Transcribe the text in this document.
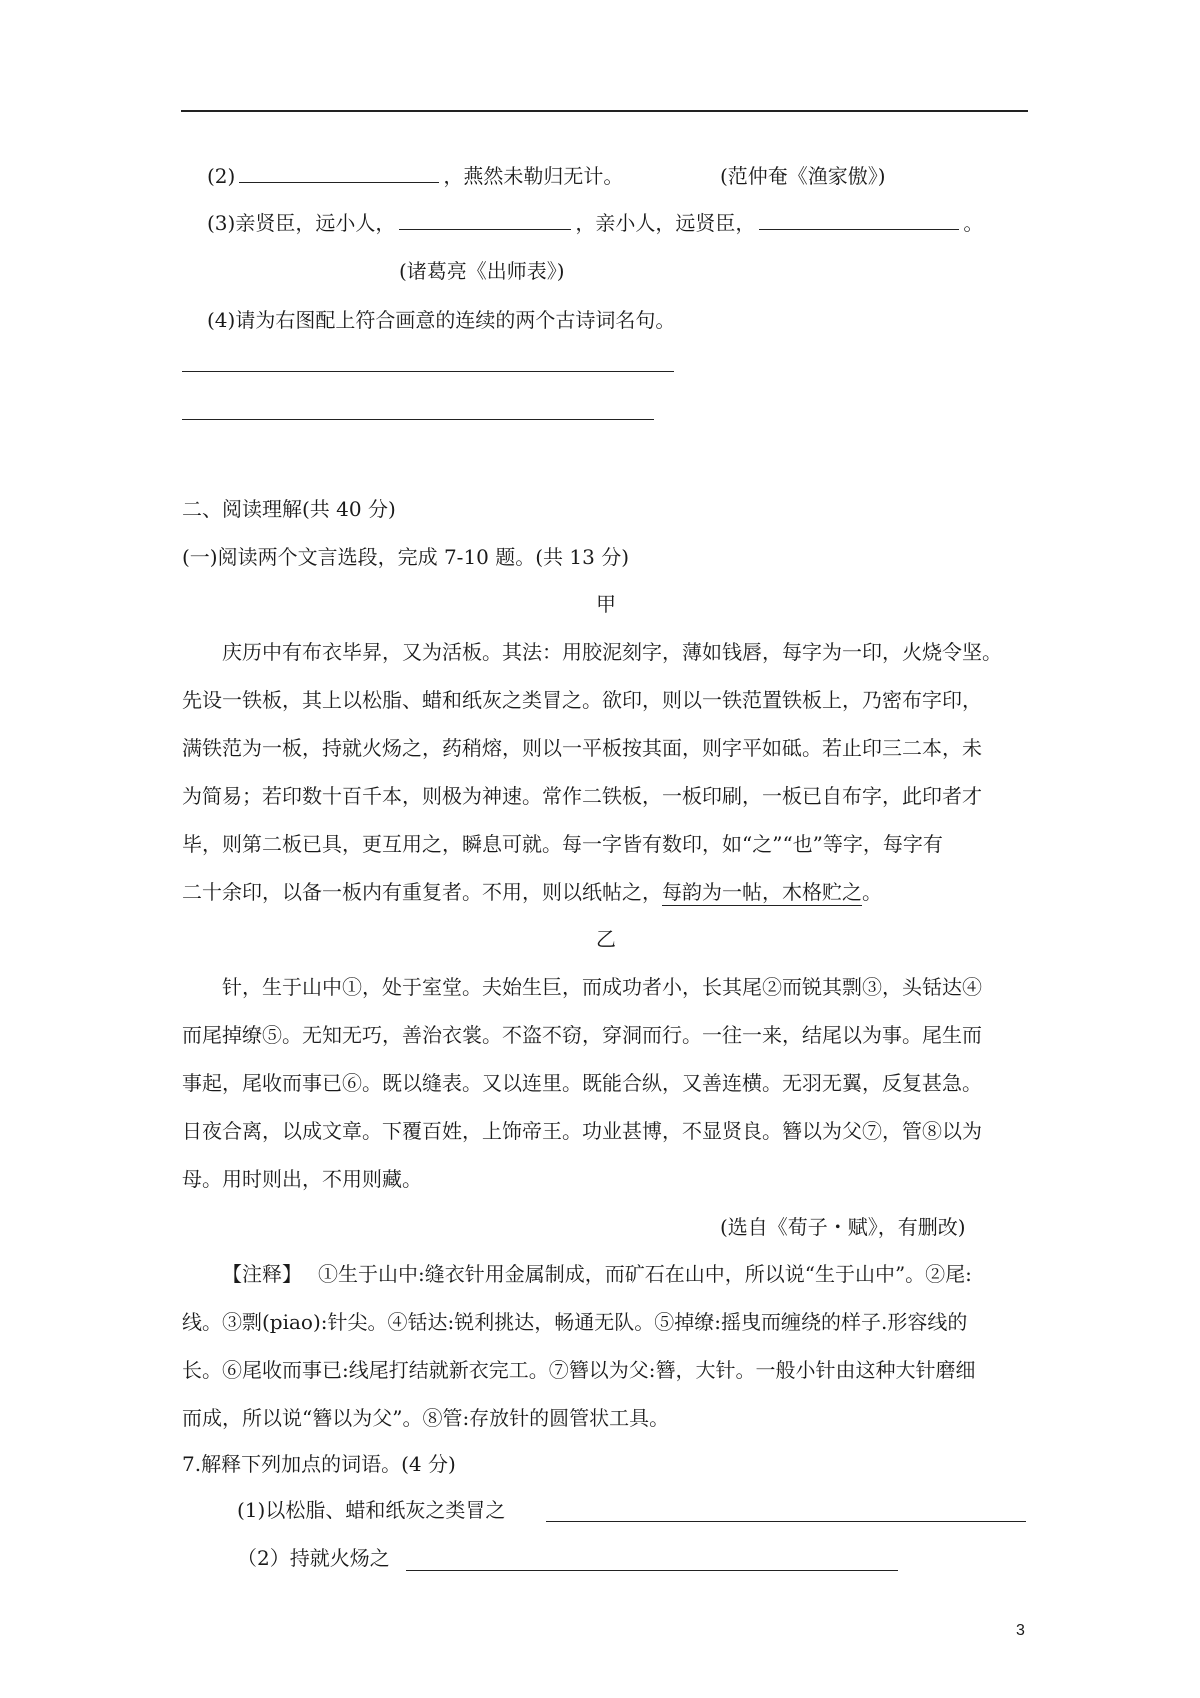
(2)	，燕然未勒归无计。	(范仲奄《渔家傲》)
(3)亲贤臣，远小人，	，亲小人，远贤臣，	。
(诸葛亮《出师表》)
(4)请为右图配上符合画意的连续的两个古诗词名句。
二、阅读理解(共 40 分)
(一)阅读两个文言选段，完成 7-10 题。(共 13 分)
甲
庆历中有布衣毕昇，又为活板。其法：用胶泥刻字，薄如钱唇，每字为一印，火烧令坚。
先设一铁板，其上以松脂、蜡和纸灰之类冒之。欲印，则以一铁范置铁板上，乃密布字印，
满铁范为一板，持就火炀之，药稍熔，则以一平板按其面，则字平如砥。若止印三二本，未
为简易；若印数十百千本，则极为神速。常作二铁板，一板印刷，一板已自布字，此印者才
毕，则第二板已具，更互用之，瞬息可就。每一字皆有数印，如“之”“也”等字，每字有
二十余印，以备一板内有重复者。不用，则以纸帖之，每韵为一帖，木格贮之。
乙
针，生于山中①，处于室堂。夫始生巨，而成功者小，长其尾②而锐其剽③，头铦达④
而尾掉缭⑤。无知无巧，善治衣裳。不盗不窃，穿洞而行。一往一来，结尾以为事。尾生而
事起，尾收而事已⑥。既以缝表。又以连里。既能合纵，又善连横。无羽无翼，反复甚急。
日夜合离，以成文章。下覆百姓，上饰帝王。功业甚博，不显贤良。簪以为父⑦，管⑧以为
母。用时则出，不用则藏。
(选自《荀子・赋》，有删改)
【注释】 ①生于山中:缝衣针用金属制成，而矿石在山中，所以说“生于山中”。②尾:
线。③剽(piao):针尖。④铦达:锐利挑达，畅通无队。⑤掉缭:摇曳而缠绕的样子.形容线的
长。⑥尾收而事已:线尾打结就新衣完工。⑦簪以为父:簪，大针。一般小针由这种大针磨细
而成，所以说“簪以为父”。⑧管:存放针的圆管状工具。
7.解释下列加点的词语。(4 分)
(1)以松脂、蜡和纸灰之类冒之
（2）持就火炀之
3
